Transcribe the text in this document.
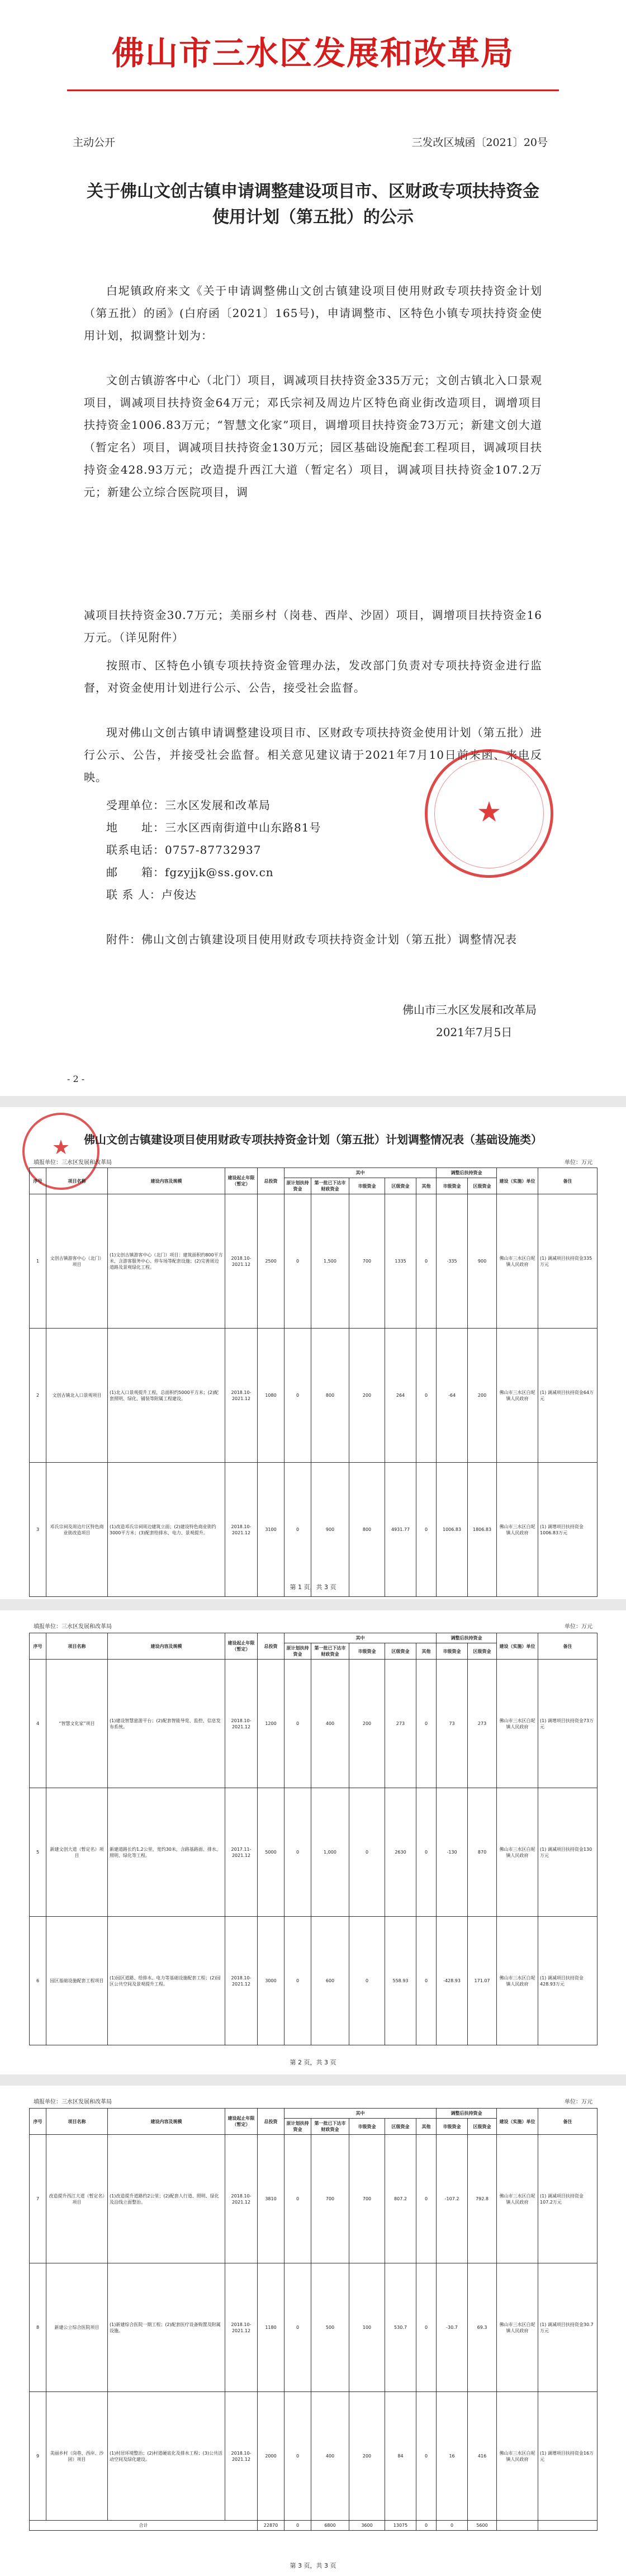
佛山市三水区发展和改革局
主动公开	三发改区城函〔2021〕20号
关于佛山文创古镇申请调整建设项目市、区财政专项扶持资金使用计划（第五批）的公示
白坭镇政府来文《关于申请调整佛山文创古镇建设项目使用财政专项扶持资金计划（第五批）的函》(白府函〔2021〕165号)，申请调整市、区特色小镇专项扶持资金使用计划，拟调整计划为：
文创古镇游客中心（北门）项目，调减项目扶持资金335万元；文创古镇北入口景观项目，调减项目扶持资金64万元；邓氏宗祠及周边片区特色商业街改造项目，调增项目扶持资金1006.83万元；“智慧文化家”项目，调增项目扶持资金73万元；新建文创大道（暂定名）项目，调减项目扶持资金130万元；园区基础设施配套工程项目，调减项目扶持资金428.93万元；改造提升西江大道（暂定名）项目，调减项目扶持资金107.2万元；新建公立综合医院项目，调
减项目扶持资金30.7万元；美丽乡村（岗巷、西岸、沙固）项目，调增项目扶持资金16万元。（详见附件）
按照市、区特色小镇专项扶持资金管理办法，发改部门负责对专项扶持资金进行监督，对资金使用计划进行公示、公告，接受社会监督。
现对佛山文创古镇申请调整建设项目市、区财政专项扶持资金使用计划（第五批）进行公示、公告，并接受社会监督。相关意见建议请于2021年7月10日前来函、来电反映。
受理单位：三水区发展和改革局
地　　址：三水区西南街道中山东路81号
联系电话：0757-87732937
邮　　箱：fgzyjjk@ss.gov.cn
联 系 人：卢俊达
附件：佛山文创古镇建设项目使用财政专项扶持资金计划（第五批）调整情况表
★
佛山市三水区发展和改革局
2021年7月5日
- 2 -
★	佛山文创古镇建设项目使用财政专项扶持资金计划（第五批）计划调整情况表（基础设施类）
填报单位：三水区发展和改革局	单位：万元
序号	项目名称	建设内容及规模	建设起止年限（暂定）	总投资	其中					调整后扶持资金		建设（实施）单位	备注
					原计划扶持资金	第一批已下达市财政资金	市级资金	区级资金	其他	市级资金	区级资金		
1	文创古镇游客中心（北门）项目	(1)文创古镇游客中心（北门）项目：建筑面积约800平方米，含游客服务中心、停车场等配套设施；(2)完善周边道路及景观绿化工程。	2018.10-2021.12	2500	0	1,500	700	1335	0	-335	900	佛山市三水区白坭镇人民政府	(1) 调减项目扶持资金335万元
2	文创古镇北入口景观项目	(1)北入口景观提升工程，总面积约5000平方米；(2)配套照明、绿化、铺装等附属工程建设。	2018.10-2021.12	1080	0	800	200	264	0	-64	200	佛山市三水区白坭镇人民政府	(1) 调减项目扶持资金64万元
3	邓氏宗祠及周边片区特色商业街改造项目	(1)改造邓氏宗祠周边建筑立面；(2)建设特色商业街约3000平方米；(3)配套给排水、电力、景观提升。	2018.10-2021.12	3100	0	900	800	4931.77	0	1006.83	1806.83	佛山市三水区白坭镇人民政府	(1) 调增项目扶持资金1006.83万元
第 1 页，共 3 页
填报单位：三水区发展和改革局	单位：万元
序号	项目名称	建设内容及规模	建设起止年限（暂定）	总投资	其中					调整后扶持资金		建设（实施）单位	备注
					原计划扶持资金	第一批已下达市财政资金	市级资金	区级资金	其他	市级资金	区级资金		
4	“智慧文化家”项目	(1)建设智慧旅游平台；(2)配套智能导览、监控、信息发布系统。	2018.10-2021.12	1200	0	400	200	273	0	73	273	佛山市三水区白坭镇人民政府	(1) 调增项目扶持资金73万元
5	新建文创大道（暂定名）项目	新建道路长约1.2公里，宽约30米，含路基路面、排水、照明、绿化等工程。	2017.11-2021.12	5000	0	1,000	0	2630	0	-130	870	佛山市三水区白坭镇人民政府	(1) 调减项目扶持资金130万元
6	园区基础设施配套工程项目	(1)园区道路、给排水、电力等基础设施配套工程；(2)园区公共空间及景观提升工程。	2018.10-2021.12	3000	0	600	0	558.93	0	-428.93	171.07	佛山市三水区白坭镇人民政府	(1) 调减项目扶持资金428.93万元
第 2 页，共 3 页
填报单位：三水区发展和改革局	单位：万元
序号	项目名称	建设内容及规模	建设起止年限（暂定）	总投资	其中					调整后扶持资金		建设（实施）单位	备注
					原计划扶持资金	第一批已下达市财政资金	市级资金	区级资金	其他	市级资金	区级资金		
7	改造提升西江大道（暂定名）项目	(1)改造提升道路约2公里；(2)配套人行道、照明、绿化及沿线立面整治。	2018.10-2021.12	3810	0	700	700	807.2	0	-107.2	792.8	佛山市三水区白坭镇人民政府	(1) 调减项目扶持资金107.2万元
8	新建公立综合医院项目	(1)新建综合医院一期工程；(2)配套医疗设备购置及附属设施。	2018.10-2021.12	1180	0	500	100	530.7	0	-30.7	69.3	佛山市三水区白坭镇人民政府	(1) 调减项目扶持资金30.7万元
9	美丽乡村（岗巷、西岸、沙固）项目	(1)村居环境整治；(2)村道硬底化及排水工程；(3)公共活动空间及绿化建设。	2018.10-2021.12	2000	0	400	200	84	0	16	416	佛山市三水区白坭镇人民政府	(1) 调增项目扶持资金16万元
合计				22870	0	6800	3600	13075	0	0	5600		
第 3 页，共 3 页
